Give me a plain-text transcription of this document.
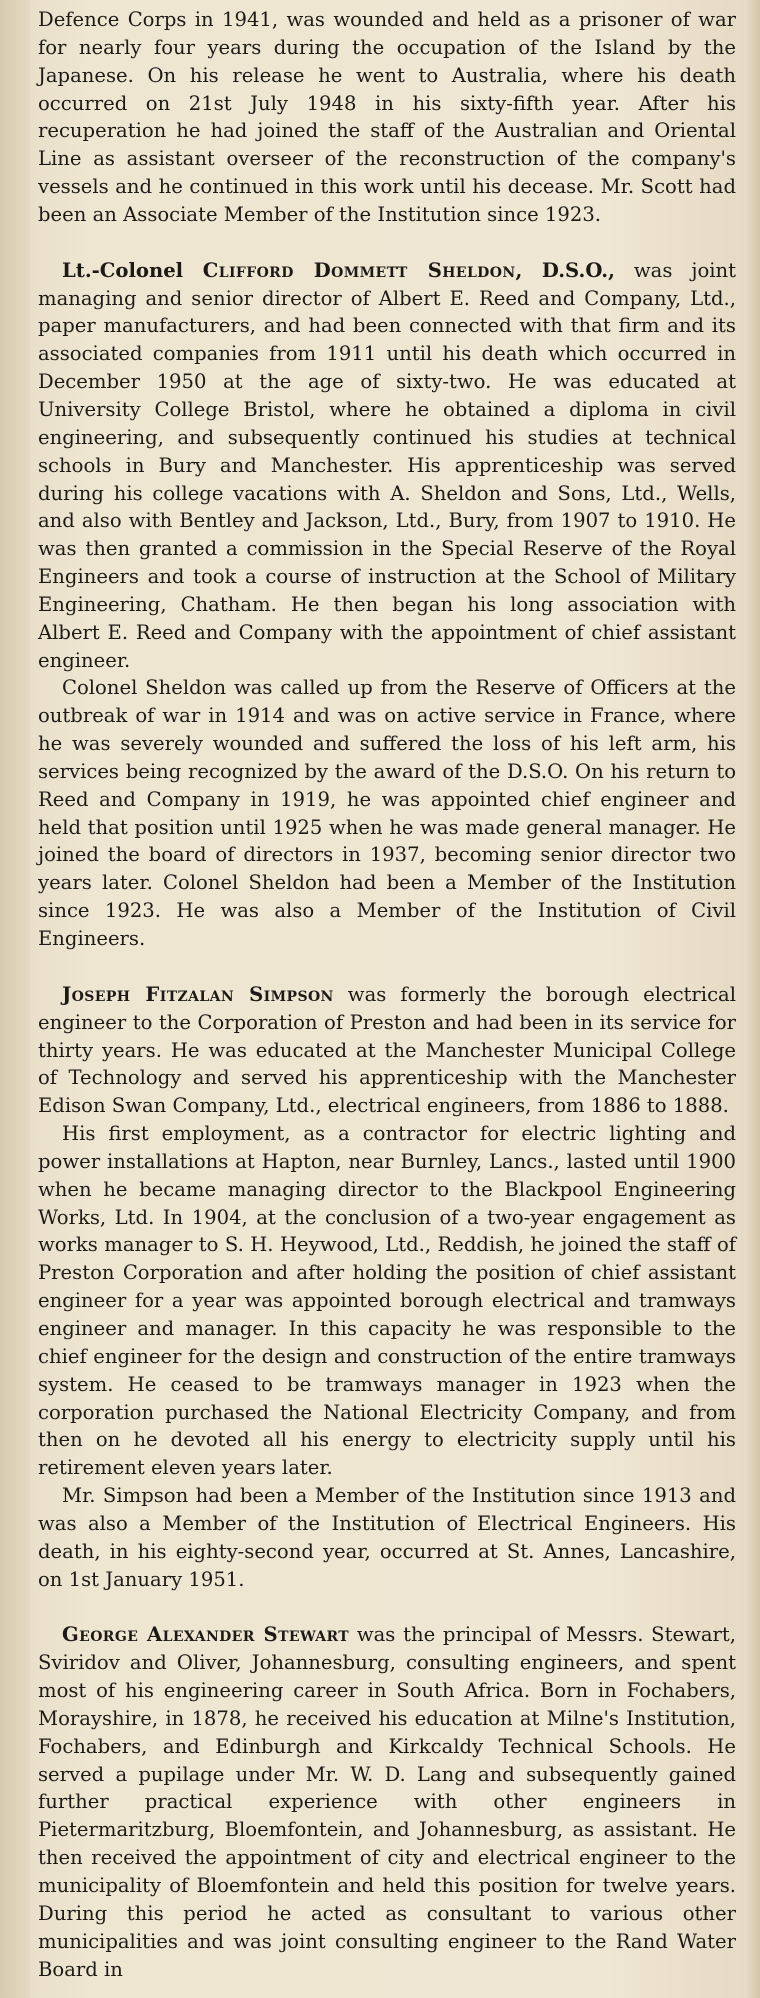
Defence Corps in 1941, was wounded and held as a prisoner of war for nearly four years during the occupation of the Island by the Japanese. On his release he went to Australia, where his death occurred on 21st July 1948 in his sixty-fifth year. After his recuperation he had joined the staff of the Australian and Oriental Line as assistant overseer of the reconstruction of the company's vessels and he continued in this work until his decease. Mr. Scott had been an Associate Member of the Institution since 1923.

Lt.-Colonel Clifford Dommett Sheldon, D.S.O., was joint managing and senior director of Albert E. Reed and Company, Ltd., paper manufacturers, and had been connected with that firm and its associated companies from 1911 until his death which occurred in December 1950 at the age of sixty-two. He was educated at University College Bristol, where he obtained a diploma in civil engineering, and subsequently continued his studies at technical schools in Bury and Manchester. His apprenticeship was served during his college vacations with A. Sheldon and Sons, Ltd., Wells, and also with Bentley and Jackson, Ltd., Bury, from 1907 to 1910. He was then granted a commission in the Special Reserve of the Royal Engineers and took a course of instruction at the School of Military Engineering, Chatham. He then began his long association with Albert E. Reed and Company with the appointment of chief assistant engineer.

Colonel Sheldon was called up from the Reserve of Officers at the outbreak of war in 1914 and was on active service in France, where he was severely wounded and suffered the loss of his left arm, his services being recognized by the award of the D.S.O. On his return to Reed and Company in 1919, he was appointed chief engineer and held that position until 1925 when he was made general manager. He joined the board of directors in 1937, becoming senior director two years later. Colonel Sheldon had been a Member of the Institution since 1923. He was also a Member of the Institution of Civil Engineers.

Joseph Fitzalan Simpson was formerly the borough electrical engineer to the Corporation of Preston and had been in its service for thirty years. He was educated at the Manchester Municipal College of Technology and served his apprenticeship with the Manchester Edison Swan Company, Ltd., electrical engineers, from 1886 to 1888.

His first employment, as a contractor for electric lighting and power installations at Hapton, near Burnley, Lancs., lasted until 1900 when he became managing director to the Blackpool Engineering Works, Ltd. In 1904, at the conclusion of a two-year engagement as works manager to S. H. Heywood, Ltd., Reddish, he joined the staff of Preston Corporation and after holding the position of chief assistant engineer for a year was appointed borough electrical and tramways engineer and manager. In this capacity he was responsible to the chief engineer for the design and construction of the entire tramways system. He ceased to be tramways manager in 1923 when the corporation purchased the National Electricity Company, and from then on he devoted all his energy to electricity supply until his retirement eleven years later.

Mr. Simpson had been a Member of the Institution since 1913 and was also a Member of the Institution of Electrical Engineers. His death, in his eighty-second year, occurred at St. Annes, Lancashire, on 1st January 1951.

George Alexander Stewart was the principal of Messrs. Stewart, Sviridov and Oliver, Johannesburg, consulting engineers, and spent most of his engineering career in South Africa. Born in Fochabers, Morayshire, in 1878, he received his education at Milne's Institution, Fochabers, and Edinburgh and Kirkcaldy Technical Schools. He served a pupilage under Mr. W. D. Lang and subsequently gained further practical experience with other engineers in Pietermaritzburg, Bloemfontein, and Johannesburg, as assistant. He then received the appointment of city and electrical engineer to the municipality of Bloemfontein and held this position for twelve years. During this period he acted as consultant to various other municipalities and was joint consulting engineer to the Rand Water Board in
